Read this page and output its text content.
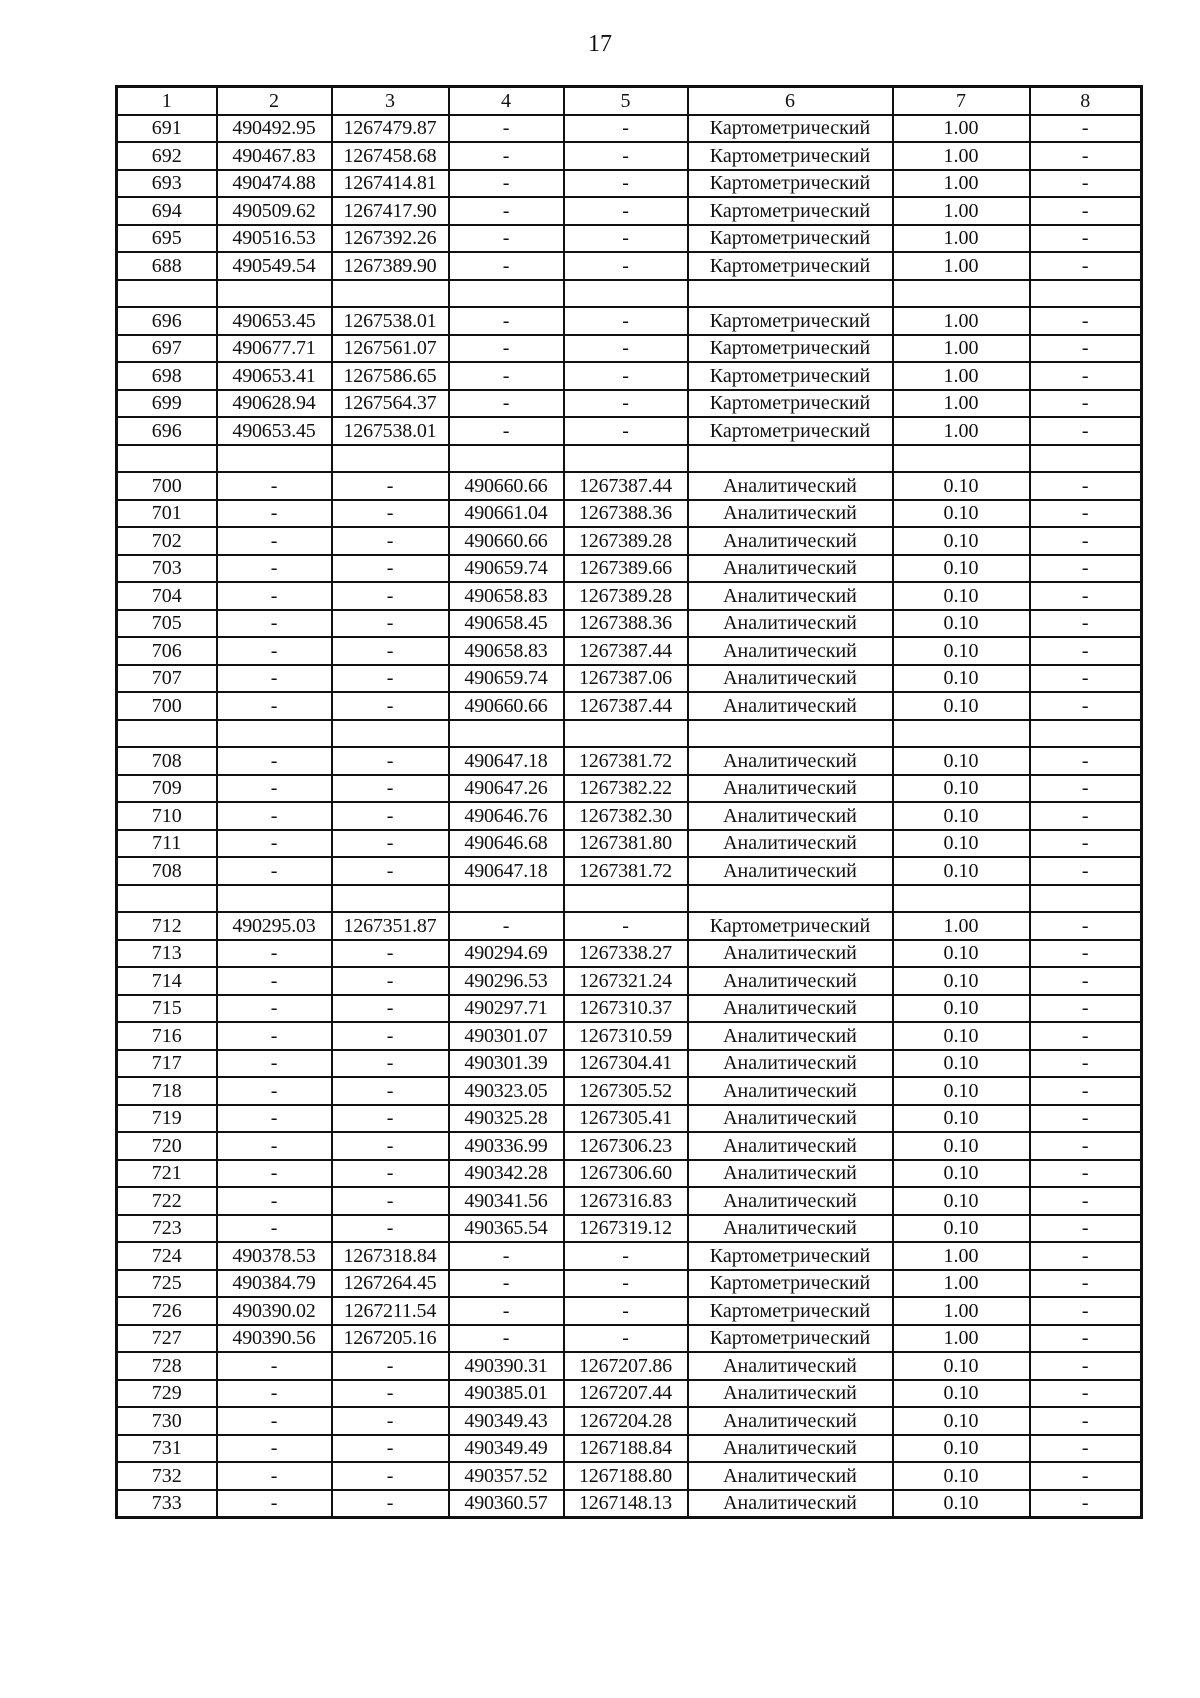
17
1	2	3	4	5	6	7	8
691	490492.95	1267479.87	-	-	Картометрический	1.00	-
692	490467.83	1267458.68	-	-	Картометрический	1.00	-
693	490474.88	1267414.81	-	-	Картометрический	1.00	-
694	490509.62	1267417.90	-	-	Картометрический	1.00	-
695	490516.53	1267392.26	-	-	Картометрический	1.00	-
688	490549.54	1267389.90	-	-	Картометрический	1.00	-

696	490653.45	1267538.01	-	-	Картометрический	1.00	-
697	490677.71	1267561.07	-	-	Картометрический	1.00	-
698	490653.41	1267586.65	-	-	Картометрический	1.00	-
699	490628.94	1267564.37	-	-	Картометрический	1.00	-
696	490653.45	1267538.01	-	-	Картометрический	1.00	-

700	-	-	490660.66	1267387.44	Аналитический	0.10	-
701	-	-	490661.04	1267388.36	Аналитический	0.10	-
702	-	-	490660.66	1267389.28	Аналитический	0.10	-
703	-	-	490659.74	1267389.66	Аналитический	0.10	-
704	-	-	490658.83	1267389.28	Аналитический	0.10	-
705	-	-	490658.45	1267388.36	Аналитический	0.10	-
706	-	-	490658.83	1267387.44	Аналитический	0.10	-
707	-	-	490659.74	1267387.06	Аналитический	0.10	-
700	-	-	490660.66	1267387.44	Аналитический	0.10	-

708	-	-	490647.18	1267381.72	Аналитический	0.10	-
709	-	-	490647.26	1267382.22	Аналитический	0.10	-
710	-	-	490646.76	1267382.30	Аналитический	0.10	-
711	-	-	490646.68	1267381.80	Аналитический	0.10	-
708	-	-	490647.18	1267381.72	Аналитический	0.10	-

712	490295.03	1267351.87	-	-	Картометрический	1.00	-
713	-	-	490294.69	1267338.27	Аналитический	0.10	-
714	-	-	490296.53	1267321.24	Аналитический	0.10	-
715	-	-	490297.71	1267310.37	Аналитический	0.10	-
716	-	-	490301.07	1267310.59	Аналитический	0.10	-
717	-	-	490301.39	1267304.41	Аналитический	0.10	-
718	-	-	490323.05	1267305.52	Аналитический	0.10	-
719	-	-	490325.28	1267305.41	Аналитический	0.10	-
720	-	-	490336.99	1267306.23	Аналитический	0.10	-
721	-	-	490342.28	1267306.60	Аналитический	0.10	-
722	-	-	490341.56	1267316.83	Аналитический	0.10	-
723	-	-	490365.54	1267319.12	Аналитический	0.10	-
724	490378.53	1267318.84	-	-	Картометрический	1.00	-
725	490384.79	1267264.45	-	-	Картометрический	1.00	-
726	490390.02	1267211.54	-	-	Картометрический	1.00	-
727	490390.56	1267205.16	-	-	Картометрический	1.00	-
728	-	-	490390.31	1267207.86	Аналитический	0.10	-
729	-	-	490385.01	1267207.44	Аналитический	0.10	-
730	-	-	490349.43	1267204.28	Аналитический	0.10	-
731	-	-	490349.49	1267188.84	Аналитический	0.10	-
732	-	-	490357.52	1267188.80	Аналитический	0.10	-
733	-	-	490360.57	1267148.13	Аналитический	0.10	-
